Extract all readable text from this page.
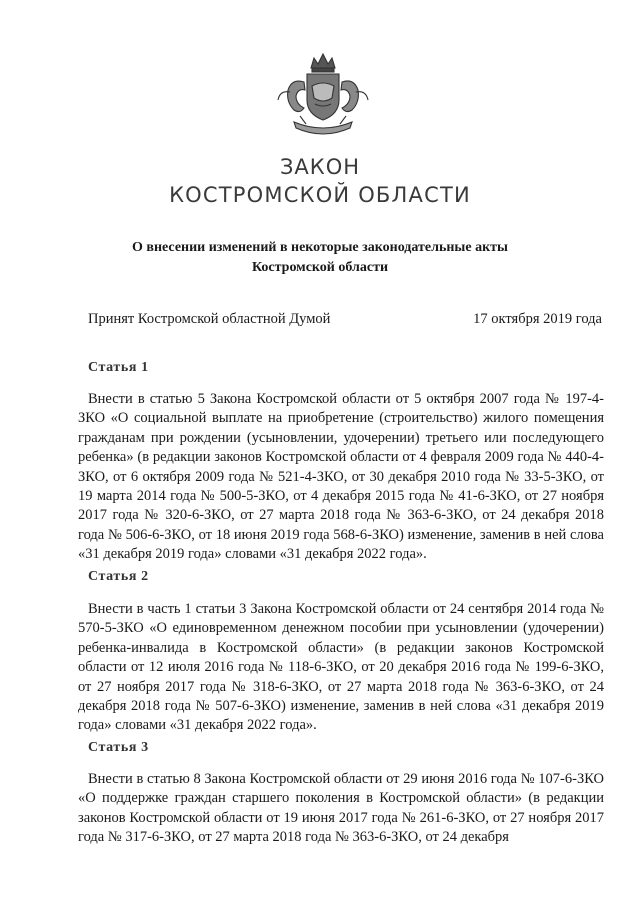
ЗАКОН
КОСТРОМСКОЙ ОБЛАСТИ
О внесении изменений в некоторые законодательные акты
Костромской области
Принят Костромской областной Думой	17 октября 2019 года
Статья 1

Внести в статью 5 Закона Костромской области от 5 октября 2007 года № 197-4-ЗКО «О социальной выплате на приобретение (строительство) жилого помещения гражданам при рождении (усыновлении, удочерении) третьего или последующего ребенка» (в редакции законов Костромской области от 4 февраля 2009 года № 440-4-ЗКО, от 6 октября 2009 года № 521-4-ЗКО, от 30 декабря 2010 года № 33-5-ЗКО, от 19 марта 2014 года № 500-5-ЗКО, от 4 декабря 2015 года № 41-6-ЗКО, от 27 ноября 2017 года № 320-6-ЗКО, от 27 марта 2018 года № 363-6-ЗКО, от 24 декабря 2018 года № 506-6-ЗКО, от 18 июня 2019 года 568-6-ЗКО) изменение, заменив в ней слова «31 декабря 2019 года» словами «31 декабря 2022 года».

Статья 2

Внести в часть 1 статьи 3 Закона Костромской области от 24 сентября 2014 года № 570-5-ЗКО «О единовременном денежном пособии при усыновлении (удочерении) ребенка-инвалида в Костромской области» (в редакции законов Костромской области от 12 июля 2016 года № 118-6-ЗКО, от 20 декабря 2016 года № 199-6-ЗКО, от 27 ноября 2017 года № 318-6-ЗКО, от 27 марта 2018 года № 363-6-ЗКО, от 24 декабря 2018 года № 507-6-ЗКО) изменение, заменив в ней слова «31 декабря 2019 года» словами «31 декабря 2022 года».

Статья 3

Внести в статью 8 Закона Костромской области от 29 июня 2016 года № 107-6-ЗКО «О поддержке граждан старшего поколения в Костромской области» (в редакции законов Костромской области от 19 июня 2017 года № 261-6-ЗКО, от 27 ноября 2017 года № 317-6-ЗКО, от 27 марта 2018 года № 363-6-ЗКО, от 24 декабря
